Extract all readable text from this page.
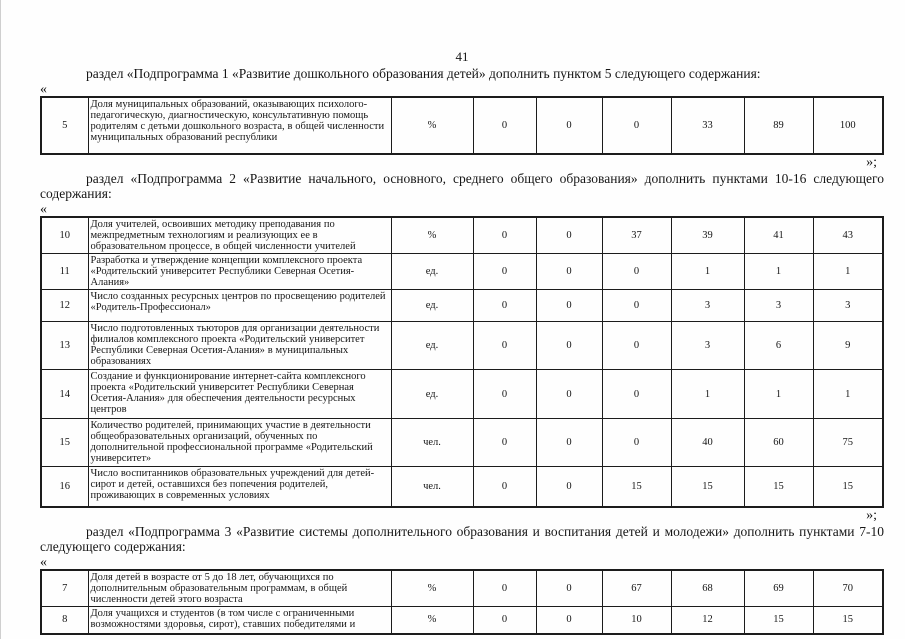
41

раздел «Подпрограмма 1 «Развитие дошкольного образования детей» дополнить пунктом 5 следующего содержания:

«
5	Доля муниципальных образований, оказывающих психолого-педагогическую, диагностическую, консультативную помощь родителям с детьми дошкольного возраста, в общей численности муниципальных образований республики	%	0	0	0	33	89	100
»;

раздел «Подпрограмма 2 «Развитие начального, основного, среднего общего образования» дополнить пунктами 10-16 следующего содержания:

«
10	Доля учителей, освоивших методику преподавания по межпредметным технологиям и реализующих ее в образовательном процессе, в общей численности учителей	%	0	0	37	39	41	43
11	Разработка и утверждение концепции комплексного проекта «Родительский университет Республики Северная Осетия-Алания»	ед.	0	0	0	1	1	1
12	Число созданных ресурсных центров по просвещению родителей «Родитель-Профессионал»	ед.	0	0	0	3	3	3
13	Число подготовленных тьюторов для организации деятельности филиалов комплексного проекта «Родительский университет Республики Северная Осетия-Алания» в муниципальных образованиях	ед.	0	0	0	3	6	9
14	Создание и функционирование интернет-сайта комплексного проекта «Родительский университет Республики Северная Осетия-Алания» для обеспечения деятельности ресурсных центров	ед.	0	0	0	1	1	1
15	Количество родителей, принимающих участие в деятельности общеобразовательных организаций, обученных по дополнительной профессиональной программе «Родительский университет»	чел.	0	0	0	40	60	75
16	Число воспитанников образовательных учреждений для детей-сирот и детей, оставшихся без попечения родителей, проживающих в современных условиях	чел.	0	0	15	15	15	15
»;

раздел «Подпрограмма 3 «Развитие системы дополнительного образования и воспитания детей и молодежи» дополнить пунктами 7-10 следующего содержания:

«
7	Доля детей в возрасте от 5 до 18 лет, обучающихся по дополнительным образовательным программам, в общей численности детей этого возраста	%	0	0	67	68	69	70
8	Доля учащихся и студентов (в том числе с ограниченными возможностями здоровья, сирот), ставших победителями и	%	0	0	10	12	15	15
